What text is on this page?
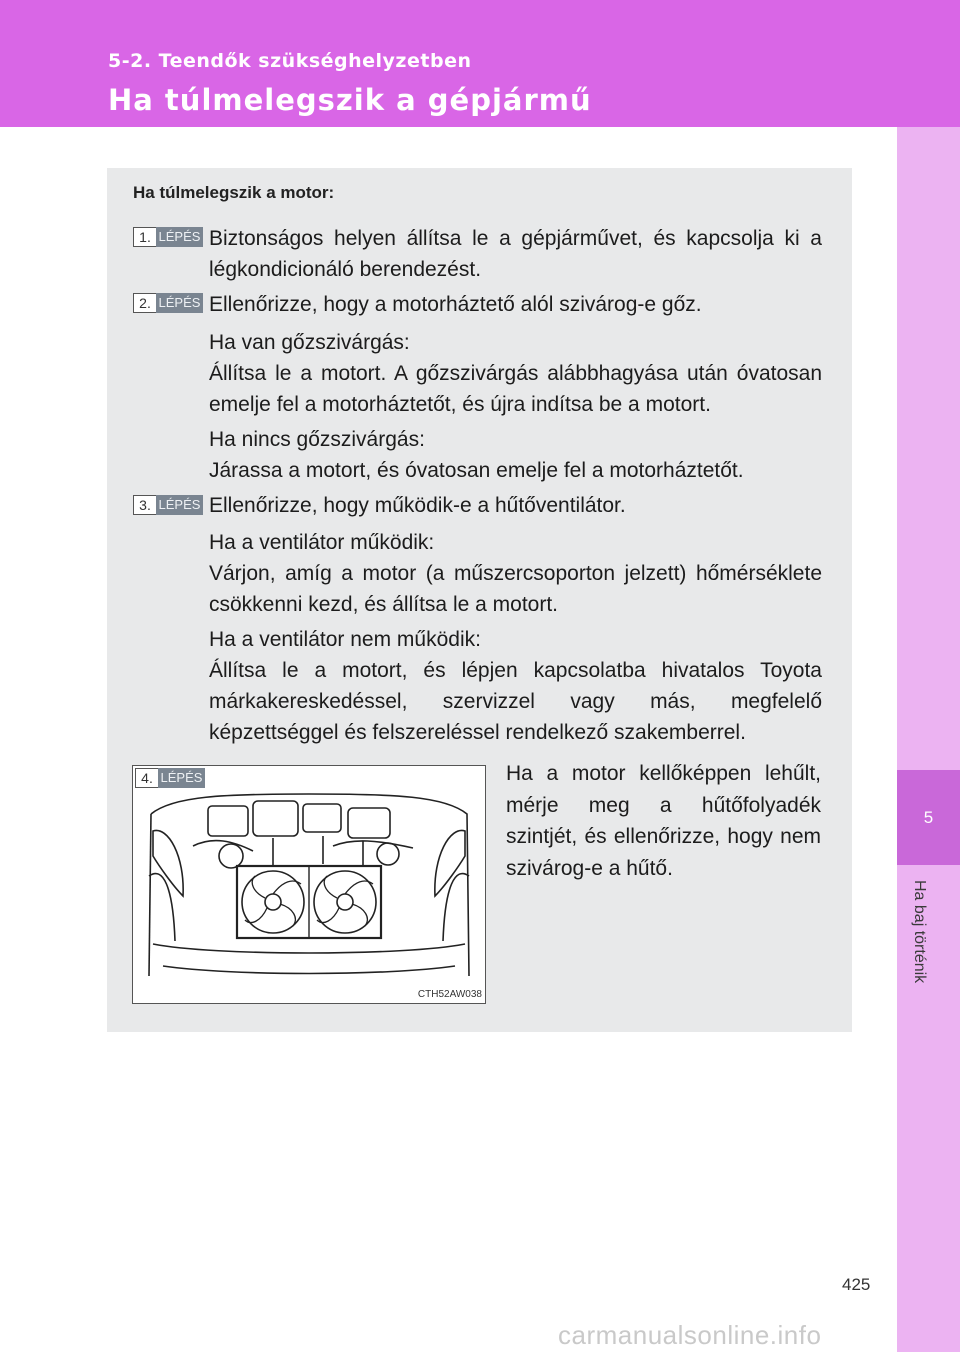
5-2. Teendők szükséghelyzetben
Ha túlmelegszik a gépjármű
5
Ha baj történik
Ha túlmelegszik a motor:
1. LÉPÉS Biztonságos helyen állítsa le a gépjárművet, és kapcsolja ki a légkondicionáló berendezést.
2. LÉPÉS Ellenőrizze, hogy a motorháztető alól szivárog-e gőz.
Ha van gőzszivárgás:
Állítsa le a motort. A gőzszivárgás alábbhagyása után óvatosan emelje fel a motorháztetőt, és újra indítsa be a motort.
Ha nincs gőzszivárgás:
Járassa a motort, és óvatosan emelje fel a motorháztetőt.
3. LÉPÉS Ellenőrizze, hogy működik-e a hűtőventilátor.
Ha a ventilátor működik:
Várjon, amíg a motor (a műszercsoporton jelzett) hőmérséklete csökkenni kezd, és állítsa le a motort.
Ha a ventilátor nem működik:
Állítsa le a motort, és lépjen kapcsolatba hivatalos Toyota márkakereskedéssel, szervizzel vagy más, megfelelő képzettséggel és felszereléssel rendelkező szakemberrel.
4. LÉPÉS
CTH52AW038
Ha a motor kellőképpen lehűlt, mérje meg a hűtőfolyadék szintjét, és ellenőrizze, hogy nem szivárog-e a hűtő.
425
carmanualsonline.info
